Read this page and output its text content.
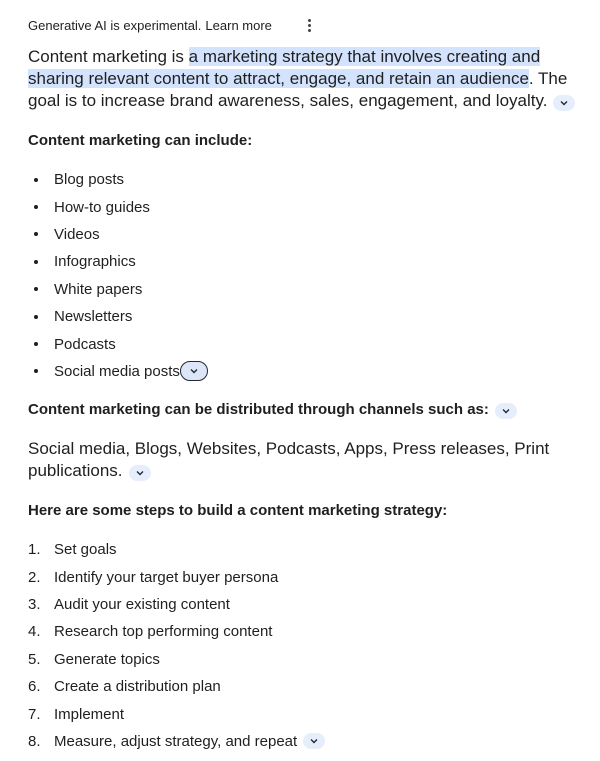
Generative AI is experimental. Learn more
Content marketing is a marketing strategy that involves creating and sharing relevant content to attract, engage, and retain an audience. The goal is to increase brand awareness, sales, engagement, and loyalty.
Content marketing can include:
Blog posts
How-to guides
Videos
Infographics
White papers
Newsletters
Podcasts
Social media posts
Content marketing can be distributed through channels such as:
Social media, Blogs, Websites, Podcasts, Apps, Press releases, Print publications.
Here are some steps to build a content marketing strategy:
1. Set goals
2. Identify your target buyer persona
3. Audit your existing content
4. Research top performing content
5. Generate topics
6. Create a distribution plan
7. Implement
8. Measure, adjust strategy, and repeat
